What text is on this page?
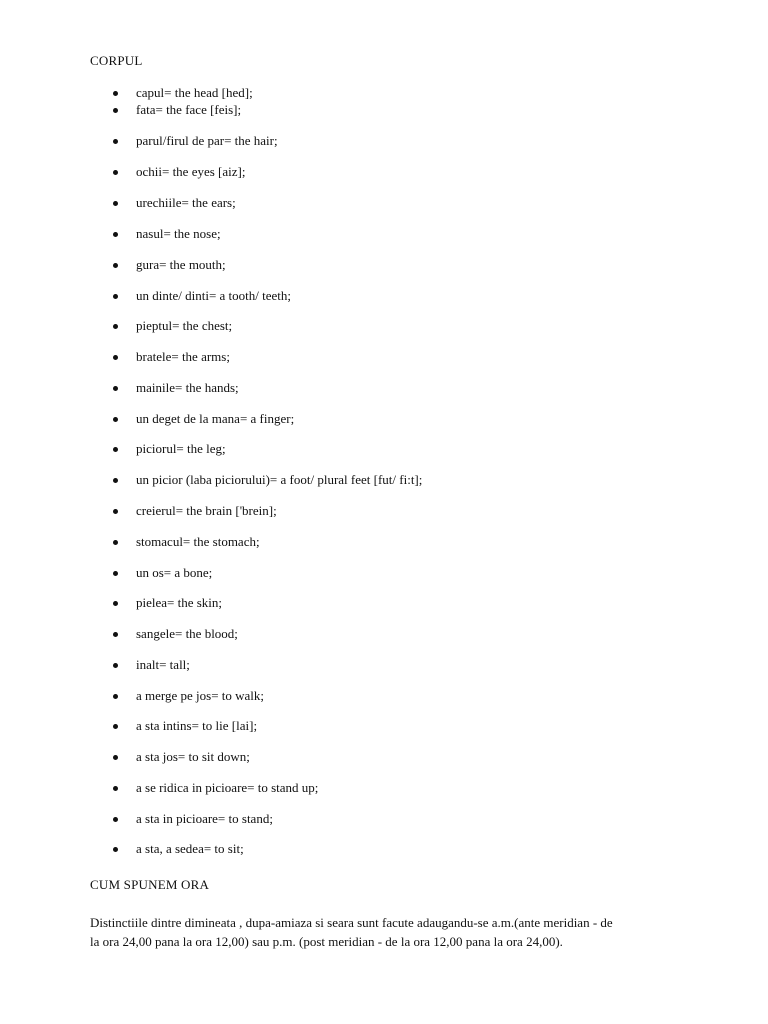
CORPUL
capul= the head [hed];
fata= the face [feis];
parul/firul de par= the hair;
ochii= the eyes [aiz];
urechiile= the ears;
nasul= the nose;
gura= the mouth;
un dinte/ dinti= a tooth/ teeth;
pieptul= the chest;
bratele= the arms;
mainile= the hands;
un deget de la mana= a finger;
piciorul= the leg;
un picior (laba piciorului)= a foot/ plural feet [fut/ fi:t];
creierul= the brain ['brein];
stomacul= the stomach;
un os= a bone;
pielea= the skin;
sangele= the blood;
inalt= tall;
a merge pe jos= to walk;
a sta intins= to lie [lai];
a sta jos= to sit down;
a se ridica in picioare= to stand up;
a sta in picioare= to stand;
a sta, a sedea= to sit;
CUM SPUNEM ORA
Distinctiile dintre dimineata , dupa-amiaza si seara sunt facute adaugandu-se a.m.(ante meridian - de
la ora 24,00 pana la ora 12,00) sau p.m. (post meridian - de la ora 12,00 pana la ora 24,00).
